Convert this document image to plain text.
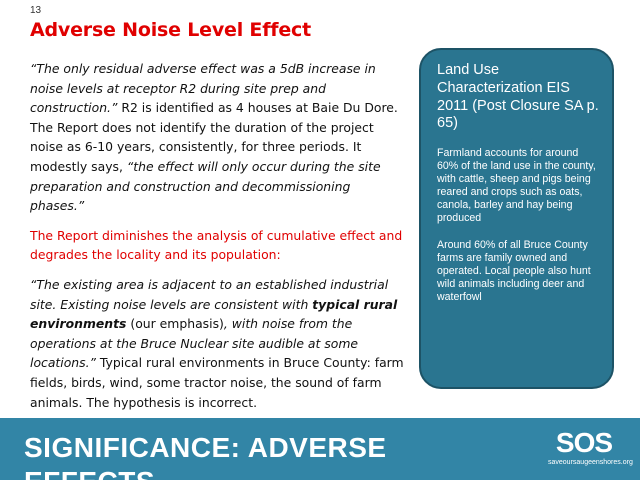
13
Adverse Noise Level Effect

“The only residual adverse effect was a 5dB increase in noise levels at receptor R2 during site prep and construction.” R2 is identified as 4 houses at Baie Du Dore. The Report does not identify the duration of the project noise as 6-10 years, consistently, for three periods. It modestly says, “the effect will only occur during the site preparation and construction and decommissioning phases.”

The Report diminishes the analysis of cumulative effect and degrades the locality and its population:

“The existing area is adjacent to an established industrial site. Existing noise levels are consistent with typical rural environments (our emphasis), with noise from the operations at the Bruce Nuclear site audible at some locations.” Typical rural environments in Bruce County: farm fields, birds, wind, some tractor noise, the sound of farm animals. The hypothesis is incorrect.

Land Use Characterization EIS 2011 (Post Closure SA p. 65)
Farmland accounts for around 60% of the land use in the county, with cattle, sheep and pigs being reared and crops such as oats, canola, barley and hay being produced
Around 60% of all Bruce County farms are family owned and operated. Local people also hunt wild animals including deer and waterfowl
SIGNIFICANCE: ADVERSE EFFECTS
SOS
saveoursaugeenshores.org
